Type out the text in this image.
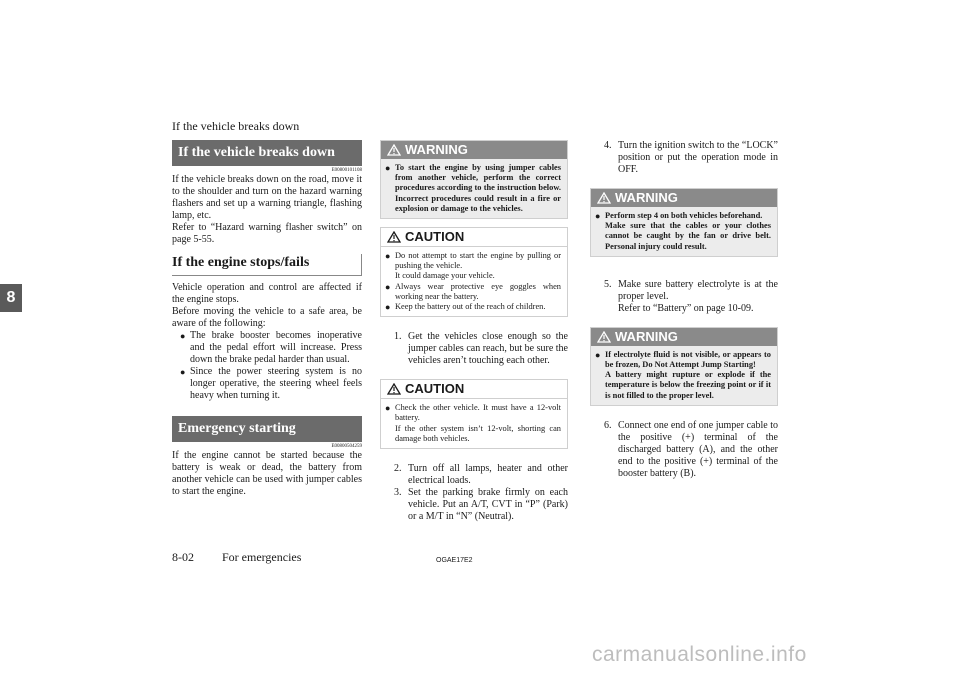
If the vehicle breaks down
8
If the vehicle breaks down
E00800101108

If the vehicle breaks down on the road, move it to the shoulder and turn on the hazard warning flashers and set up a warning triangle, flashing lamp, etc.

Refer to “Hazard warning flasher switch” on page 5-55.

If the engine stops/fails

Vehicle operation and control are affected if the engine stops.

Before moving the vehicle to a safe area, be aware of the following:

● The brake booster becomes inoperative and the pedal effort will increase. Press down the brake pedal harder than usual.
● Since the power steering system is no longer operative, the steering wheel feels heavy when turning it.
Emergency starting
E00800504259

If the engine cannot be started because the battery is weak or dead, the battery from another vehicle can be used with jumper cables to start the engine.

WARNING
● To start the engine by using jumper cables from another vehicle, perform the correct procedures according to the instruction below. Incorrect procedures could result in a fire or explosion or damage to the vehicles.
CAUTION
● Do not attempt to start the engine by pulling or pushing the vehicle.
It could damage your vehicle.
● Always wear protective eye goggles when working near the battery.
● Keep the battery out of the reach of children.
1. Get the vehicles close enough so the jumper cables can reach, but be sure the vehicles aren’t touching each other.
CAUTION
● Check the other vehicle. It must have a 12-volt battery.
If the other system isn’t 12-volt, shorting can damage both vehicles.
2. Turn off all lamps, heater and other electrical loads.
3. Set the parking brake firmly on each vehicle. Put an A/T, CVT in “P” (Park) or a M/T in “N” (Neutral).
4. Turn the ignition switch to the “LOCK” position or put the operation mode in OFF.
WARNING
● Perform step 4 on both vehicles beforehand.
Make sure that the cables or your clothes cannot be caught by the fan or drive belt. Personal injury could result.
5. Make sure battery electrolyte is at the proper level.
Refer to “Battery” on page 10-09.
WARNING
● If electrolyte fluid is not visible, or appears to be frozen, Do Not Attempt Jump Starting!
A battery might rupture or explode if the temperature is below the freezing point or if it is not filled to the proper level.
6. Connect one end of one jumper cable to the positive (+) terminal of the discharged battery (A), and the other end to the positive (+) terminal of the booster battery (B).
8-02 For emergencies	OGAE17E2
carmanualsonline.info
